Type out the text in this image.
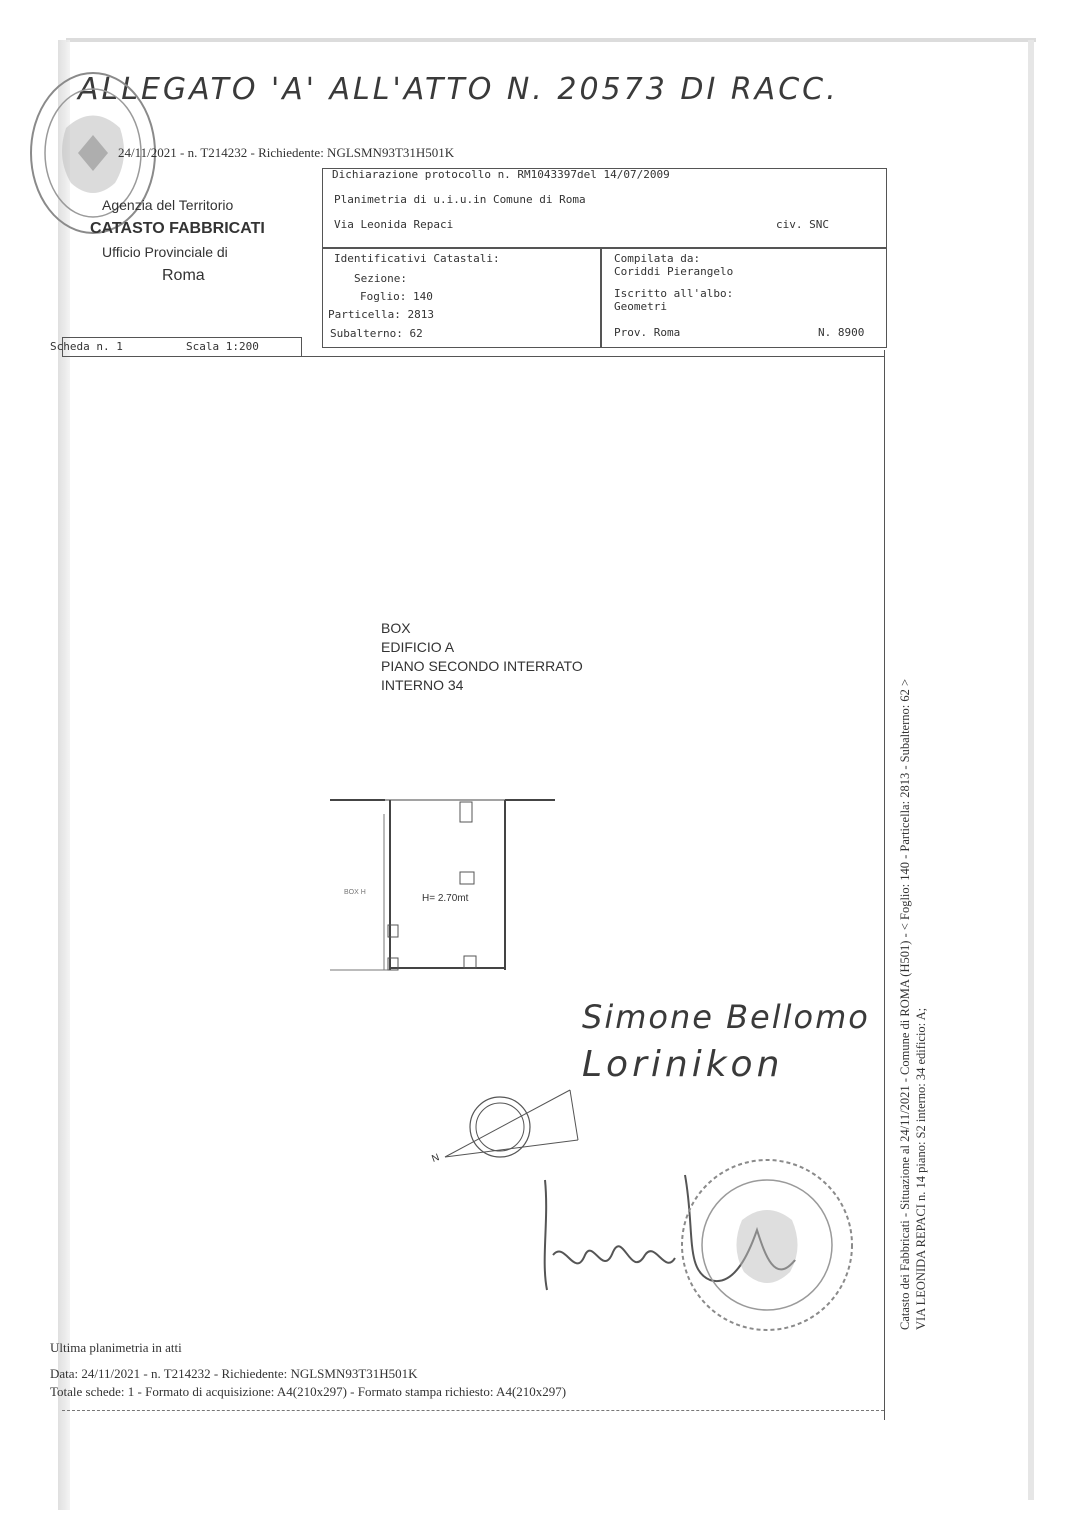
ALLEGATO 'A' ALL'ATTO N. 20573 DI RACC.
24/11/2021 - n. T214232 - Richiedente: NGLSMN93T31H501K
Agenzia del Territorio
CATASTO FABBRICATI
Ufficio Provinciale di
Roma
Dichiarazione protocollo n. RM1043397del 14/07/2009
Planimetria di u.i.u.in Comune di Roma
Via Leonida Repaci	civ. SNC
Identificativi Catastali:
Sezione:
Foglio: 140
Particella: 2813
Subalterno: 62
Compilata da:
Coriddi Pierangelo
Iscritto all'albo:
Geometri
Prov. Roma	N. 8900
Scheda n. 1	Scala 1:200
BOX
EDIFICIO A
PIANO SECONDO INTERRATO
INTERNO 34
H= 2.70mt
BOX H
Simone Bellomo
Lorinikon
N	Catasto dei Fabbricati - Situazione al 24/11/2021 - Comune di ROMA (H501) - < Foglio: 140 - Particella: 2813 - Subalterno: 62 > VIA LEONIDA REPACI n. 14 piano: S2 interno: 34 edificio: A;
Ultima planimetria in atti
Data: 24/11/2021 - n. T214232 - Richiedente: NGLSMN93T31H501K
Totale schede: 1 - Formato di acquisizione: A4(210x297) - Formato stampa richiesto: A4(210x297)
